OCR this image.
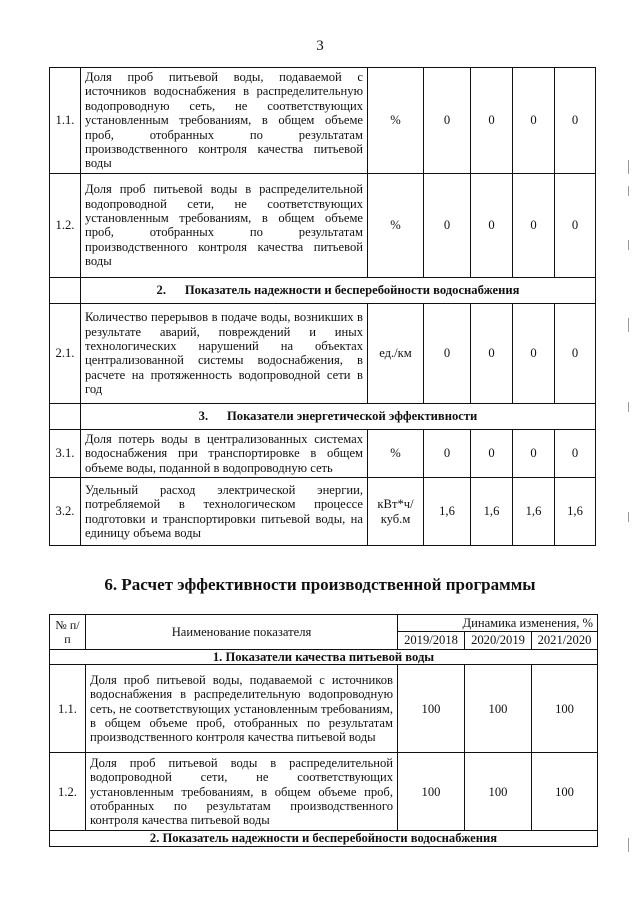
3
1.1.	Доля проб питьевой воды, подаваемой с источников водоснабжения в распределительную водопроводную сеть, не соответствующих установленным требованиям, в общем объеме проб, отобранных по результатам производственного контроля качества питьевой воды	%	0	0	0	0
1.2.	Доля проб питьевой воды в распределительной водопроводной сети, не соответствующих установленным требованиям, в общем объеме проб, отобранных по результатам производственного контроля качества питьевой воды	%	0	0	0	0
	2.      Показатель надежности и бесперебойности водоснабжения					
2.1.	Количество перерывов в подаче воды, возникших в результате аварий, повреждений и иных технологических нарушений на объектах централизованной системы водоснабжения, в расчете на протяженность водопроводной сети в год	ед./км	0	0	0	0
	3.      Показатели энергетической эффективности					
3.1.	Доля потерь воды в централизованных системах водоснабжения при транспортировке в общем объеме воды, поданной в водопроводную сеть	%	0	0	0	0
3.2.	Удельный расход электрической энергии, потребляемой в технологическом процессе подготовки и транспортировки питьевой воды, на единицу объема воды	кВт*ч/ куб.м	1,6	1,6	1,6	1,6
6. Расчет эффективности производственной программы
№ п/п	Наименование показателя	Динамика изменения, %		
		2019/2018	2020/2019	2021/2020
1. Показатели качества питьевой воды				
1.1.	Доля проб питьевой воды, подаваемой с источников водоснабжения в распределительную водопроводную сеть, не соответствующих установленным требованиям, в общем объеме проб, отобранных по результатам производственного контроля качества питьевой воды	100	100	100
1.2.	Доля проб питьевой воды в распределительной водопроводной сети, не соответствующих установленным требованиям, в общем объеме проб, отобранных по результатам производственного контроля качества питьевой воды	100	100	100
2. Показатель надежности и бесперебойности водоснабжения				
